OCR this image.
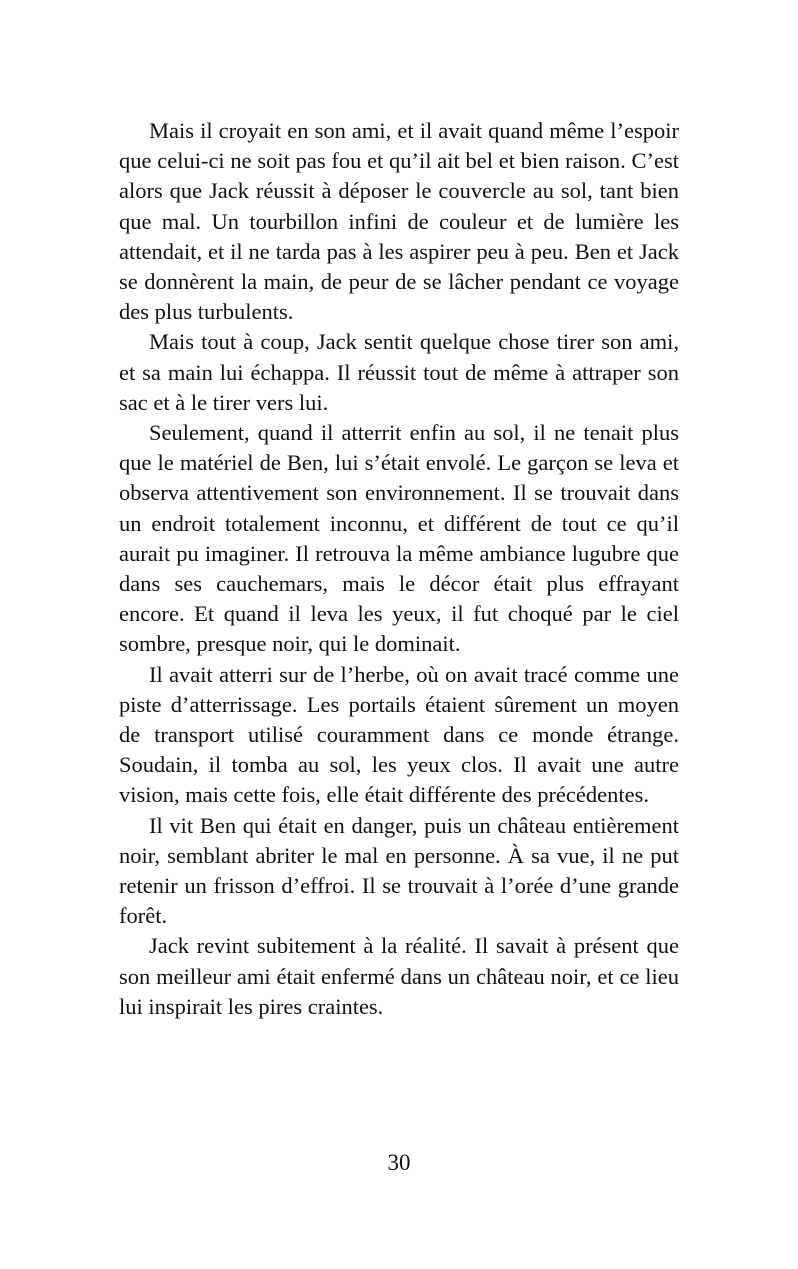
Mais il croyait en son ami, et il avait quand même l’espoir que celui-ci ne soit pas fou et qu’il ait bel et bien raison. C’est alors que Jack réussit à déposer le couvercle au sol, tant bien que mal. Un tourbillon infini de couleur et de lumière les attendait, et il ne tarda pas à les aspirer peu à peu. Ben et Jack se donnèrent la main, de peur de se lâcher pendant ce voyage des plus turbulents.

Mais tout à coup, Jack sentit quelque chose tirer son ami, et sa main lui échappa. Il réussit tout de même à attraper son sac et à le tirer vers lui.

Seulement, quand il atterrit enfin au sol, il ne tenait plus que le matériel de Ben, lui s’était envolé. Le garçon se leva et observa attentivement son environnement. Il se trouvait dans un endroit totalement inconnu, et différent de tout ce qu’il aurait pu imaginer. Il retrouva la même ambiance lugubre que dans ses cauchemars, mais le décor était plus effrayant encore. Et quand il leva les yeux, il fut choqué par le ciel sombre, presque noir, qui le dominait.

Il avait atterri sur de l’herbe, où on avait tracé comme une piste d’atterrissage. Les portails étaient sûrement un moyen de transport utilisé couramment dans ce monde étrange. Soudain, il tomba au sol, les yeux clos. Il avait une autre vision, mais cette fois, elle était différente des précédentes.

Il vit Ben qui était en danger, puis un château entièrement noir, semblant abriter le mal en personne. À sa vue, il ne put retenir un frisson d’effroi. Il se trouvait à l’orée d’une grande forêt.

Jack revint subitement à la réalité. Il savait à présent que son meilleur ami était enfermé dans un château noir, et ce lieu lui inspirait les pires craintes.

30
